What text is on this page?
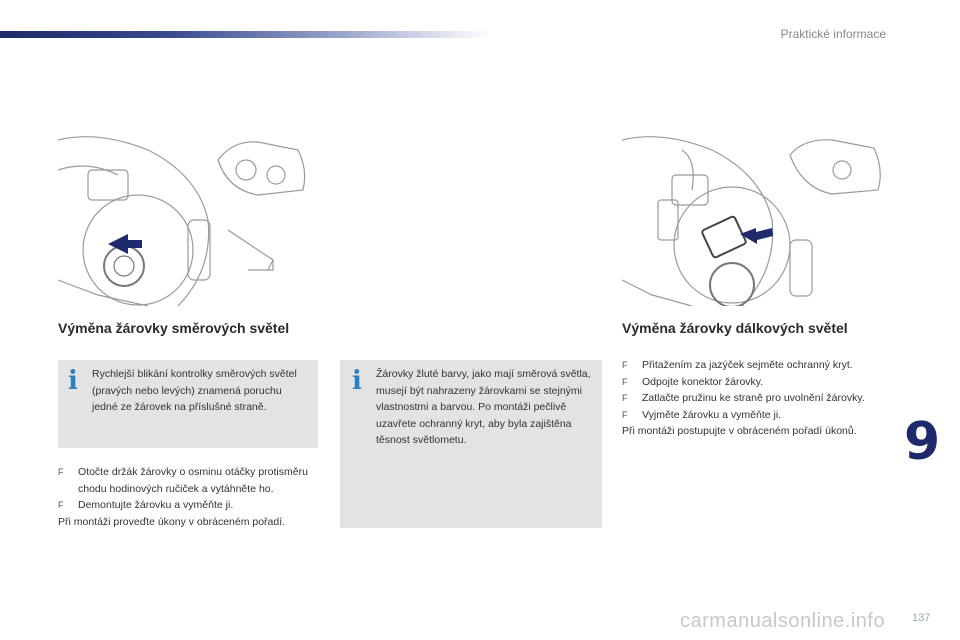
Praktické informace
Výměna žárovky směrových světel
i Rychlejší blikání kontrolky směrových světel (pravých nebo levých) znamená poruchu jedné ze žárovek na příslušné straně.
F Otočte držák žárovky o osminu otáčky protisměru chodu hodinových ručiček a vytáhněte ho.
F Demontujte žárovku a vyměňte ji.
Při montáži proveďte úkony v obráceném pořadí.
i Žárovky žluté barvy, jako mají směrová světla, musejí být nahrazeny žárovkami se stejnými vlastnostmi a barvou. Po montáži pečlivě uzavřete ochranný kryt, aby byla zajištěna těsnost světlometu.
Výměna žárovky dálkových světel
F Přitažením za jazýček sejměte ochranný kryt.
F Odpojte konektor žárovky.
F Zatlačte pružinu ke straně pro uvolnění žárovky.
F Vyjměte žárovku a vyměňte ji.
Při montáži postupujte v obráceném pořadí úkonů. 9
carmanualsonline.info 137
